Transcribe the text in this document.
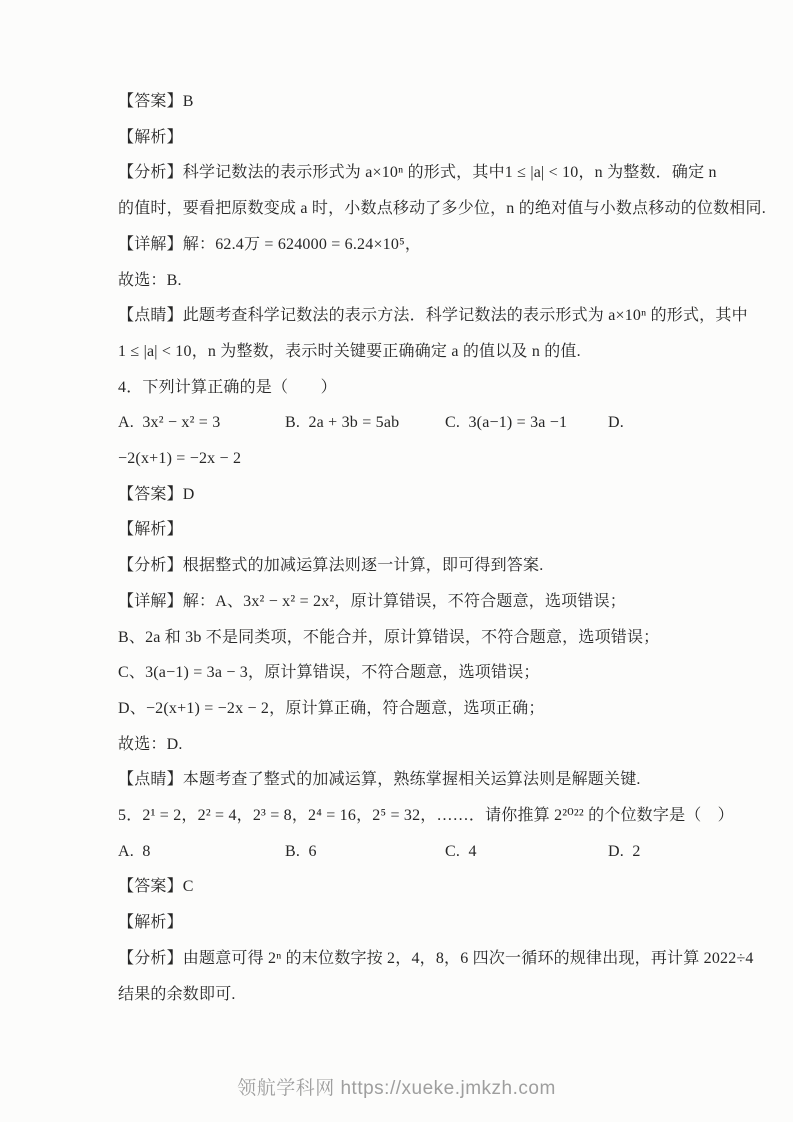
【答案】B
【解析】
【分析】科学记数法的表示形式为 a×10ⁿ 的形式，其中1 ≤ |a| < 10，n 为整数．确定 n
的值时，要看把原数变成 a 时，小数点移动了多少位，n 的绝对值与小数点移动的位数相同.
【详解】解：62.4万 = 624000 = 6.24×10⁵，
故选：B.
【点睛】此题考查科学记数法的表示方法．科学记数法的表示形式为 a×10ⁿ 的形式，其中
1 ≤ |a| < 10，n 为整数，表示时关键要正确确定 a 的值以及 n 的值.
4．下列计算正确的是（　　）
A.  3x² − x² = 3	B.  2a + 3b = 5ab	C.  3(a−1) = 3a −1	D.
−2(x+1) = −2x − 2
【答案】D
【解析】
【分析】根据整式的加减运算法则逐一计算，即可得到答案.
【详解】解：A、3x² − x² = 2x²，原计算错误，不符合题意，选项错误；
B、2a 和 3b 不是同类项，不能合并，原计算错误，不符合题意，选项错误；
C、3(a−1) = 3a − 3，原计算错误，不符合题意，选项错误；
D、−2(x+1) = −2x − 2，原计算正确，符合题意，选项正确；
故选：D.
【点睛】本题考查了整式的加减运算，熟练掌握相关运算法则是解题关键.
5．2¹ = 2，2² = 4，2³ = 8，2⁴ = 16，2⁵ = 32，……．请你推算 2²⁰²² 的个位数字是（　）
A.  8	B.  6	C.  4	D.  2
【答案】C
【解析】
【分析】由题意可得 2ⁿ 的末位数字按 2，4，8，6 四次一循环的规律出现，再计算 2022÷4
结果的余数即可.
领航学科网 https://xueke.jmkzh.com
